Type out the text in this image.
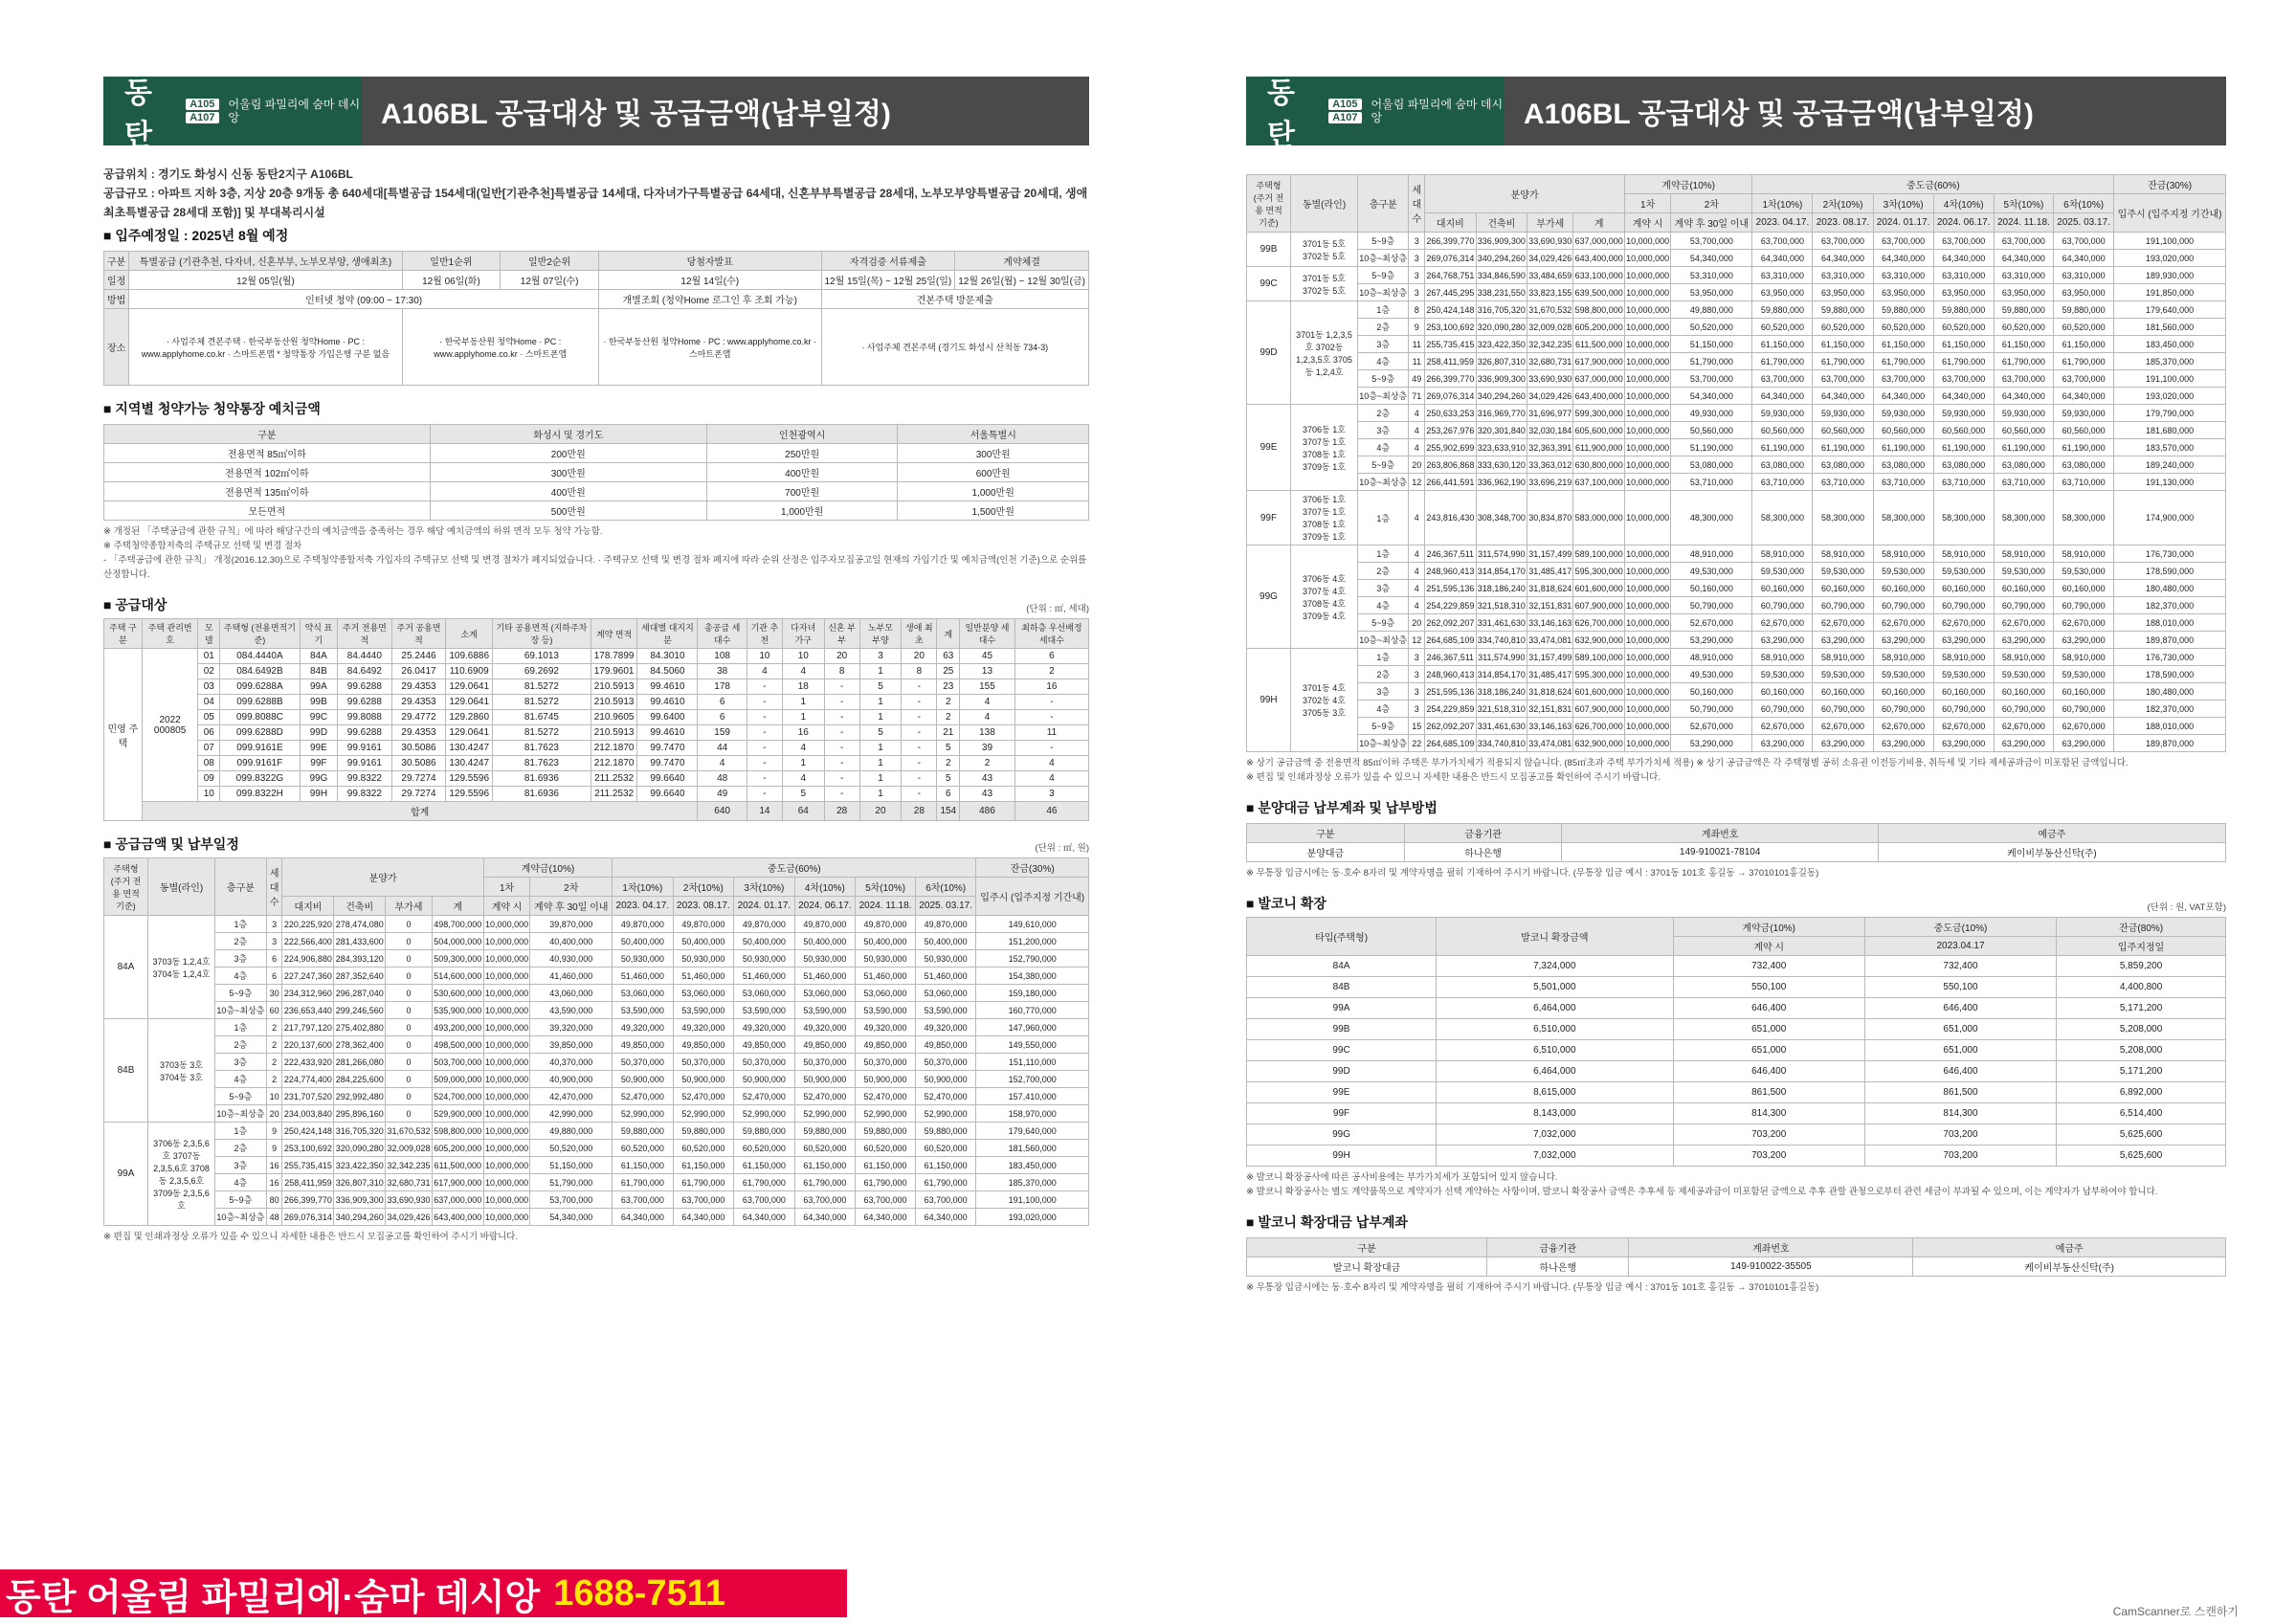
동탄
A105
A107
어울림 파밀리에 숨마 데시앙	A106BL 공급대상 및 공급금액(납부일정)
공급위치 : 경기도 화성시 신동 동탄2지구 A106BL
공급규모 : 아파트 지하 3층, 지상 20층 9개동 총 640세대[특별공급 154세대(일반[기관추천]특별공급 14세대, 다자녀가구특별공급 64세대, 신혼부부특별공급 28세대, 노부모부양특별공급 20세대, 생애최초특별공급 28세대 포함)] 및 부대복리시설
■ 입주예정일 : 2025년 8월 예정
구분	특별공급 (기관추천, 다자녀, 신혼부부, 노부모부양, 생애최초)	일반1순위	일반2순위	당첨자발표	자격검증 서류제출	계약체결
일정	12월 05일(월)	12월 06일(화)	12월 07일(수)	12월 14일(수)	12월 15일(목) ~ 12월 25일(일)	12월 26일(월) ~ 12월 30일(금)
방법	인터넷 청약 (09:00 ~ 17:30)			개별조회 (청약Home 로그인 후 조회 가능)	견본주택 방문제출	
장소	· 사업주체 견본주택 · 한국부동산원 청약Home · PC : www.applyhome.co.kr · 스마트폰앱 * 청약통장 가입은행 구분 없음	· 한국부동산원 청약Home · PC : www.applyhome.co.kr · 스마트폰앱		· 한국부동산원 청약Home · PC : www.applyhome.co.kr · 스마트폰앱	· 사업주체 견본주택 (경기도 화성시 산척동 734-3)	
■ 지역별 청약가능 청약통장 예치금액
구분	화성시 및 경기도	인천광역시	서울특별시
전용면적 85㎡이하	200만원	250만원	300만원
전용면적 102㎡이하	300만원	400만원	600만원
전용면적 135㎡이하	400만원	700만원	1,000만원
모든면적	500만원	1,000만원	1,500만원
※ 개정된 「주택공급에 관한 규칙」에 따라 해당구간의 예치금액을 충족하는 경우 해당 예치금액의 하위 면적 모두 청약 가능함.
※ 주택청약종합저축의 주택규모 선택 및 변경 절차
- 「주택공급에 관한 규칙」 개정(2016.12.30)으로 주택청약종합저축 가입자의 주택규모 선택 및 변경 절차가 폐지되었습니다. · 주택규모 선택 및 변경 절차 폐지에 따라 순위 산정은 입주자모집공고일 현재의 가입기간 및 예치금액(인천 기준)으로 순위를 산정합니다.
■ 공급대상	(단위 : ㎡, 세대)
주택 구분	주택 관리번호	모델	주택형 (전용면적기준)	약식 표기	주거 전용면적	주거 공용면적	소계	기타 공용면적 (지하주차장 등)	계약 면적	세대별 대지지분	총공급 세대수	기관 추천	다자녀 가구	신혼 부부	노부모 부양	생애 최초	계	일반분양 세대수	최하층 우선배정 세대수
민영 주택	2022 000805	01	084.4440A	84A	84.4440	25.2446	109.6886	69.1013	178.7899	84.3010	108	10	10	20	3	20	63	45	6
		02	084.6492B	84B	84.6492	26.0417	110.6909	69.2692	179.9601	84.5060	38	4	4	8	1	8	25	13	2
		03	099.6288A	99A	99.6288	29.4353	129.0641	81.5272	210.5913	99.4610	178	-	18	-	5	-	23	155	16
		04	099.6288B	99B	99.6288	29.4353	129.0641	81.5272	210.5913	99.4610	6	-	1	-	1	-	2	4	-
		05	099.8088C	99C	99.8088	29.4772	129.2860	81.6745	210.9605	99.6400	6	-	1	-	1	-	2	4	-
		06	099.6288D	99D	99.6288	29.4353	129.0641	81.5272	210.5913	99.4610	159	-	16	-	5	-	21	138	11
		07	099.9161E	99E	99.9161	30.5086	130.4247	81.7623	212.1870	99.7470	44	-	4	-	1	-	5	39	-
		08	099.9161F	99F	99.9161	30.5086	130.4247	81.7623	212.1870	99.7470	4	-	1	-	1	-	2	2	4
		09	099.8322G	99G	99.8322	29.7274	129.5596	81.6936	211.2532	99.6640	48	-	4	-	1	-	5	43	4
		10	099.8322H	99H	99.8322	29.7274	129.5596	81.6936	211.2532	99.6640	49	-	5	-	1	-	6	43	3
	합계										640	14	64	28	20	28	154	486	46
■ 공급금액 및 납부일정	(단위 : ㎡, 원)
주택형 (주거 전용 면적 기준)	동별(라인)	층구분	세대수	분양가				계약금(10%)		중도금(60%)						잔금(30%)
								1차	2차	1차(10%)	2차(10%)	3차(10%)	4차(10%)	5차(10%)	6차(10%)	입주시 (입주지정 기간내)
				대지비	건축비	부가세	계	계약 시	계약 후 30일 이내	2023. 04.17.	2023. 08.17.	2024. 01.17.	2024. 06.17.	2024. 11.18.	2025. 03.17.	
84A	3703동 1,2,4호 3704동 1,2,4호	1층	3	220,225,920	278,474,080	0	498,700,000	10,000,000	39,870,000	49,870,000	49,870,000	49,870,000	49,870,000	49,870,000	49,870,000	149,610,000
		2층	3	222,566,400	281,433,600	0	504,000,000	10,000,000	40,400,000	50,400,000	50,400,000	50,400,000	50,400,000	50,400,000	50,400,000	151,200,000
		3층	6	224,906,880	284,393,120	0	509,300,000	10,000,000	40,930,000	50,930,000	50,930,000	50,930,000	50,930,000	50,930,000	50,930,000	152,790,000
		4층	6	227,247,360	287,352,640	0	514,600,000	10,000,000	41,460,000	51,460,000	51,460,000	51,460,000	51,460,000	51,460,000	51,460,000	154,380,000
		5~9층	30	234,312,960	296,287,040	0	530,600,000	10,000,000	43,060,000	53,060,000	53,060,000	53,060,000	53,060,000	53,060,000	53,060,000	159,180,000
		10층~최상층	60	236,653,440	299,246,560	0	535,900,000	10,000,000	43,590,000	53,590,000	53,590,000	53,590,000	53,590,000	53,590,000	53,590,000	160,770,000
84B	3703동 3호 3704동 3호	1층	2	217,797,120	275,402,880	0	493,200,000	10,000,000	39,320,000	49,320,000	49,320,000	49,320,000	49,320,000	49,320,000	49,320,000	147,960,000
		2층	2	220,137,600	278,362,400	0	498,500,000	10,000,000	39,850,000	49,850,000	49,850,000	49,850,000	49,850,000	49,850,000	49,850,000	149,550,000
		3층	2	222,433,920	281,266,080	0	503,700,000	10,000,000	40,370,000	50,370,000	50,370,000	50,370,000	50,370,000	50,370,000	50,370,000	151,110,000
		4층	2	224,774,400	284,225,600	0	509,000,000	10,000,000	40,900,000	50,900,000	50,900,000	50,900,000	50,900,000	50,900,000	50,900,000	152,700,000
		5~9층	10	231,707,520	292,992,480	0	524,700,000	10,000,000	42,470,000	52,470,000	52,470,000	52,470,000	52,470,000	52,470,000	52,470,000	157,410,000
		10층~최상층	20	234,003,840	295,896,160	0	529,900,000	10,000,000	42,990,000	52,990,000	52,990,000	52,990,000	52,990,000	52,990,000	52,990,000	158,970,000
99A	3706동 2,3,5,6호 3707동 2,3,5,6호 3708동 2,3,5,6호 3709동 2,3,5,6호	1층	9	250,424,148	316,705,320	31,670,532	598,800,000	10,000,000	49,880,000	59,880,000	59,880,000	59,880,000	59,880,000	59,880,000	59,880,000	179,640,000
		2층	9	253,100,692	320,090,280	32,009,028	605,200,000	10,000,000	50,520,000	60,520,000	60,520,000	60,520,000	60,520,000	60,520,000	60,520,000	181,560,000
		3층	16	255,735,415	323,422,350	32,342,235	611,500,000	10,000,000	51,150,000	61,150,000	61,150,000	61,150,000	61,150,000	61,150,000	61,150,000	183,450,000
		4층	16	258,411,959	326,807,310	32,680,731	617,900,000	10,000,000	51,790,000	61,790,000	61,790,000	61,790,000	61,790,000	61,790,000	61,790,000	185,370,000
		5~9층	80	266,399,770	336,909,300	33,690,930	637,000,000	10,000,000	53,700,000	63,700,000	63,700,000	63,700,000	63,700,000	63,700,000	63,700,000	191,100,000
		10층~최상층	48	269,076,314	340,294,260	34,029,426	643,400,000	10,000,000	54,340,000	64,340,000	64,340,000	64,340,000	64,340,000	64,340,000	64,340,000	193,020,000
※ 편집 및 인쇄과정상 오류가 있을 수 있으니 자세한 내용은 반드시 모집공고를 확인하여 주시기 바랍니다.
동탄
A105
A107
어울림 파밀리에 숨마 데시앙	A106BL 공급대상 및 공급금액(납부일정)
주택형 (주거 전용 면적 기준)	동별(라인)	층구분	세대수	분양가				계약금(10%)		중도금(60%)						잔금(30%)
								1차	2차	1차(10%)	2차(10%)	3차(10%)	4차(10%)	5차(10%)	6차(10%)	입주시 (입주지정 기간내)
				대지비	건축비	부가세	계	계약 시	계약 후 30일 이내	2023. 04.17.	2023. 08.17.	2024. 01.17.	2024. 06.17.	2024. 11.18.	2025. 03.17.	
99B	3701동 5호 3702동 5호	5~9층	3	266,399,770	336,909,300	33,690,930	637,000,000	10,000,000	53,700,000	63,700,000	63,700,000	63,700,000	63,700,000	63,700,000	63,700,000	191,100,000
		10층~최상층	3	269,076,314	340,294,260	34,029,426	643,400,000	10,000,000	54,340,000	64,340,000	64,340,000	64,340,000	64,340,000	64,340,000	64,340,000	193,020,000
99C	3701동 5호 3702동 5호	5~9층	3	264,768,751	334,846,590	33,484,659	633,100,000	10,000,000	53,310,000	63,310,000	63,310,000	63,310,000	63,310,000	63,310,000	63,310,000	189,930,000
		10층~최상층	3	267,445,295	338,231,550	33,823,155	639,500,000	10,000,000	53,950,000	63,950,000	63,950,000	63,950,000	63,950,000	63,950,000	63,950,000	191,850,000
99D	3701동 1,2,3,5호 3702동 1,2,3,5호 3705동 1,2,4호	1층	8	250,424,148	316,705,320	31,670,532	598,800,000	10,000,000	49,880,000	59,880,000	59,880,000	59,880,000	59,880,000	59,880,000	59,880,000	179,640,000
		2층	9	253,100,692	320,090,280	32,009,028	605,200,000	10,000,000	50,520,000	60,520,000	60,520,000	60,520,000	60,520,000	60,520,000	60,520,000	181,560,000
		3층	11	255,735,415	323,422,350	32,342,235	611,500,000	10,000,000	51,150,000	61,150,000	61,150,000	61,150,000	61,150,000	61,150,000	61,150,000	183,450,000
		4층	11	258,411,959	326,807,310	32,680,731	617,900,000	10,000,000	51,790,000	61,790,000	61,790,000	61,790,000	61,790,000	61,790,000	61,790,000	185,370,000
		5~9층	49	266,399,770	336,909,300	33,690,930	637,000,000	10,000,000	53,700,000	63,700,000	63,700,000	63,700,000	63,700,000	63,700,000	63,700,000	191,100,000
		10층~최상층	71	269,076,314	340,294,260	34,029,426	643,400,000	10,000,000	54,340,000	64,340,000	64,340,000	64,340,000	64,340,000	64,340,000	64,340,000	193,020,000
99E	3706동 1호 3707동 1호 3708동 1호 3709동 1호	2층	4	250,633,253	316,969,770	31,696,977	599,300,000	10,000,000	49,930,000	59,930,000	59,930,000	59,930,000	59,930,000	59,930,000	59,930,000	179,790,000
		3층	4	253,267,976	320,301,840	32,030,184	605,600,000	10,000,000	50,560,000	60,560,000	60,560,000	60,560,000	60,560,000	60,560,000	60,560,000	181,680,000
		4층	4	255,902,699	323,633,910	32,363,391	611,900,000	10,000,000	51,190,000	61,190,000	61,190,000	61,190,000	61,190,000	61,190,000	61,190,000	183,570,000
		5~9층	20	263,806,868	333,630,120	33,363,012	630,800,000	10,000,000	53,080,000	63,080,000	63,080,000	63,080,000	63,080,000	63,080,000	63,080,000	189,240,000
		10층~최상층	12	266,441,591	336,962,190	33,696,219	637,100,000	10,000,000	53,710,000	63,710,000	63,710,000	63,710,000	63,710,000	63,710,000	63,710,000	191,130,000
99F	3706동 1호 3707동 1호 3708동 1호 3709동 1호	1층	4	243,816,430	308,348,700	30,834,870	583,000,000	10,000,000	48,300,000	58,300,000	58,300,000	58,300,000	58,300,000	58,300,000	58,300,000	174,900,000
99G	3706동 4호 3707동 4호 3708동 4호 3709동 4호	1층	4	246,367,511	311,574,990	31,157,499	589,100,000	10,000,000	48,910,000	58,910,000	58,910,000	58,910,000	58,910,000	58,910,000	58,910,000	176,730,000
		2층	4	248,960,413	314,854,170	31,485,417	595,300,000	10,000,000	49,530,000	59,530,000	59,530,000	59,530,000	59,530,000	59,530,000	59,530,000	178,590,000
		3층	4	251,595,136	318,186,240	31,818,624	601,600,000	10,000,000	50,160,000	60,160,000	60,160,000	60,160,000	60,160,000	60,160,000	60,160,000	180,480,000
		4층	4	254,229,859	321,518,310	32,151,831	607,900,000	10,000,000	50,790,000	60,790,000	60,790,000	60,790,000	60,790,000	60,790,000	60,790,000	182,370,000
		5~9층	20	262,092,207	331,461,630	33,146,163	626,700,000	10,000,000	52,670,000	62,670,000	62,670,000	62,670,000	62,670,000	62,670,000	62,670,000	188,010,000
		10층~최상층	12	264,685,109	334,740,810	33,474,081	632,900,000	10,000,000	53,290,000	63,290,000	63,290,000	63,290,000	63,290,000	63,290,000	63,290,000	189,870,000
99H	3701동 4호 3702동 4호 3705동 3호	1층	3	246,367,511	311,574,990	31,157,499	589,100,000	10,000,000	48,910,000	58,910,000	58,910,000	58,910,000	58,910,000	58,910,000	58,910,000	176,730,000
		2층	3	248,960,413	314,854,170	31,485,417	595,300,000	10,000,000	49,530,000	59,530,000	59,530,000	59,530,000	59,530,000	59,530,000	59,530,000	178,590,000
		3층	3	251,595,136	318,186,240	31,818,624	601,600,000	10,000,000	50,160,000	60,160,000	60,160,000	60,160,000	60,160,000	60,160,000	60,160,000	180,480,000
		4층	3	254,229,859	321,518,310	32,151,831	607,900,000	10,000,000	50,790,000	60,790,000	60,790,000	60,790,000	60,790,000	60,790,000	60,790,000	182,370,000
		5~9층	15	262,092,207	331,461,630	33,146,163	626,700,000	10,000,000	52,670,000	62,670,000	62,670,000	62,670,000	62,670,000	62,670,000	62,670,000	188,010,000
		10층~최상층	22	264,685,109	334,740,810	33,474,081	632,900,000	10,000,000	53,290,000	63,290,000	63,290,000	63,290,000	63,290,000	63,290,000	63,290,000	189,870,000
※ 상기 공급금액 중 전용면적 85㎡이하 주택은 부가가치세가 적용되지 않습니다. (85㎡초과 주택 부가가치세 적용) ※ 상기 공급금액은 각 주택형별 공히 소유권 이전등기비용, 취득세 및 기타 제세공과금이 미포함된 금액입니다.
※ 편집 및 인쇄과정상 오류가 있을 수 있으니 자세한 내용은 반드시 모집공고를 확인하여 주시기 바랍니다.
■ 분양대금 납부계좌 및 납부방법
구분	금융기관	계좌번호	예금주
분양대금	하나은행	149-910021-78104	케이비부동산신탁(주)
※ 무통장 입금시에는 동·호수 8자리 및 계약자명을 필히 기재하여 주시기 바랍니다. (무통장 입금 예시 : 3701동 101호 홍길동 → 37010101홍길동)
■ 발코니 확장	(단위 : 원, VAT포함)
타입(주택형)	발코니 확장금액	계약금(10%)	중도금(10%)	잔금(80%)
		계약 시	2023.04.17	입주지정일
84A	7,324,000	732,400	732,400	5,859,200
84B	5,501,000	550,100	550,100	4,400,800
99A	6,464,000	646,400	646,400	5,171,200
99B	6,510,000	651,000	651,000	5,208,000
99C	6,510,000	651,000	651,000	5,208,000
99D	6,464,000	646,400	646,400	5,171,200
99E	8,615,000	861,500	861,500	6,892,000
99F	8,143,000	814,300	814,300	6,514,400
99G	7,032,000	703,200	703,200	5,625,600
99H	7,032,000	703,200	703,200	5,625,600
※ 발코니 확장공사에 따른 공사비용에는 부가가치세가 포함되어 있지 않습니다.
※ 발코니 확장공사는 별도 계약품목으로 계약자가 선택 계약하는 사항이며, 발코니 확장공사 금액은 추후세 등 제세공과금이 미포함된 금액으로 추후 관할 관청으로부터 관련 세금이 부과될 수 있으며, 이는 계약자가 납부하여야 합니다.
■ 발코니 확장대금 납부계좌
구분	금융기관	계좌번호	예금주
발코니 확장대금	하나은행	149-910022-35505	케이비부동산신탁(주)
※ 무통장 입금시에는 동·호수 8자리 및 계약자명을 필히 기재하여 주시기 바랍니다. (무통장 입금 예시 : 3701동 101호 홍길동 → 37010101홍길동)
동탄 어울림 파밀리에·숨마 데시앙 1688-7511	CamScanner로 스캔하기
